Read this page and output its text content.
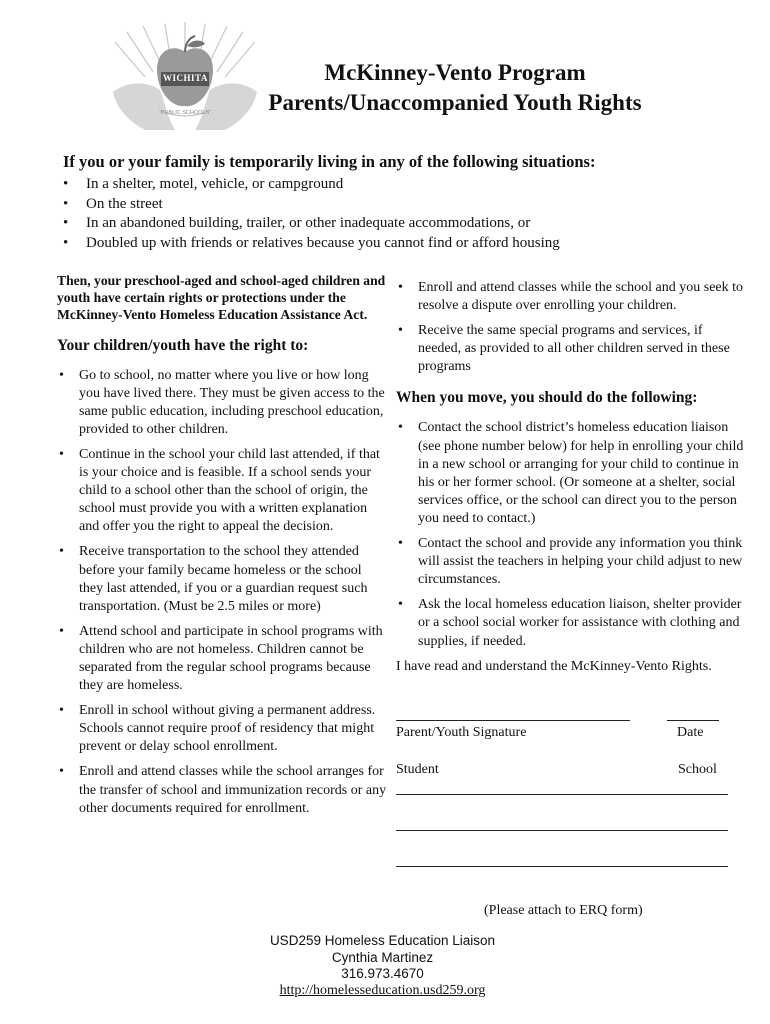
WICHITA
PUBLIC SCHOOLS
McKinney-Vento Program
Parents/Unaccompanied Youth Rights

If you or your family is temporarily living in any of the following situations:

• In a shelter, motel, vehicle, or campground
• On the street
• In an abandoned building, trailer, or other inadequate accommodations, or
• Doubled up with friends or relatives because you cannot find or afford housing

Then, your preschool-aged and school-aged children and youth have certain rights or protections under the McKinney-Vento Homeless Education Assistance Act.

Your children/youth have the right to:

• Go to school, no matter where you live or how long you have lived there. They must be given access to the same public education, including preschool education, provided to other children.
• Continue in the school your child last attended, if that is your choice and is feasible. If a school sends your child to a school other than the school of origin, the school must provide you with a written explanation and offer you the right to appeal the decision.
• Receive transportation to the school they attended before your family became homeless or the school they last attended, if you or a guardian request such transportation. (Must be 2.5 miles or more)
• Attend school and participate in school programs with children who are not homeless. Children cannot be separated from the regular school programs because they are homeless.
• Enroll in school without giving a permanent address. Schools cannot require proof of residency that might prevent or delay school enrollment.
• Enroll and attend classes while the school arranges for the transfer of school and immunization records or any other documents required for enrollment.
• Enroll and attend classes while the school and you seek to resolve a dispute over enrolling your children.
• Receive the same special programs and services, if needed, as provided to all other children served in these programs

When you move, you should do the following:

• Contact the school district’s homeless education liaison (see phone number below) for help in enrolling your child in a new school or arranging for your child to continue in his or her former school. (Or someone at a shelter, social services office, or the school can direct you to the person you need to contact.)
• Contact the school and provide any information you think will assist the teachers in helping your child adjust to new circumstances.
• Ask the local homeless education liaison, shelter provider or a school social worker for assistance with clothing and supplies, if needed.

I have read and understand the McKinney-Vento Rights.

Parent/Youth Signature	Date
Student	School
(Please attach to ERQ form)
USD259 Homeless Education Liaison
Cynthia Martinez
316.973.4670
http://homelesseducation.usd259.org
